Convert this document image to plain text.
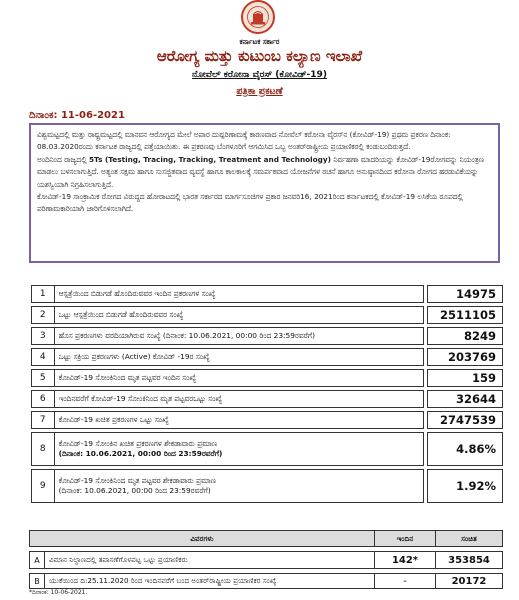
ಕರ್ನಾಟಕ ಸರ್ಕಾರ
ಆರೋಗ್ಯ ಮತ್ತು ಕುಟುಂಬ ಕಲ್ಯಾಣ ಇಲಾಖೆ
ನೋವೆಲ್ ಕರೋನಾ ವೈರಸ್ (ಕೋವಿಡ್-19)
ಪತ್ರಿಕಾ ಪ್ರಕಟಣೆ
ದಿನಾಂಕ: 11-06-2021

ವಿಶ್ವಮಟ್ಟದಲ್ಲಿ ಮತ್ತು ರಾಷ್ಟ್ರಮಟ್ಟದಲ್ಲಿ ಮಾನವನ ಆರೋಗ್ಯದ ಮೇಲೆ ಅಪಾರ ದುಷ್ಪರಿಣಾಮಕ್ಕೆ ಕಾರಣವಾದ ನೋವೆಲ್ ಕರೋನಾ ವೈರಸ್‌ನ (ಕೋವಿಡ್-19) ಪ್ರಥಮ ಪ್ರಕರಣ ದಿನಾಂಕ: 08.03.2020ರಂದು ಕರ್ನಾಟಕ ರಾಜ್ಯದಲ್ಲಿ ಪತ್ತೆಯಾಯಿತು. ಈ ಪ್ರಕರಣವು ಬೆಂಗಳೂರಿಗೆ ಆಗಮಿಸಿದ ಒಬ್ಬ ಅಂತರ್‌ರಾಷ್ಟ್ರೀಯ ಪ್ರಯಾಣಿಕರಲ್ಲಿ ಕಂಡುಬಂದಿರುತ್ತದೆ.

ಅಂದಿನಿಂದ ರಾಜ್ಯದಲ್ಲಿ 5Ts (Testing, Tracing, Tracking, Treatment and Technology) ನಿರ್ವಹಣಾ ಮಾದರಿಯನ್ನು ಕೋವಿಡ್-19ರೋಗವನ್ನು ನಿಯಂತ್ರಣ ಮಾಡಲು ಬಳಸಲಾಗುತ್ತಿದೆ. ಅತ್ಯಂತ ಸಕ್ಷಮ ಹಾಗೂ ಸುಸಜ್ಜಿತವಾದ ವ್ಯವಸ್ಥೆ ಹಾಗೂ ಕಾಲಕಾಲಕ್ಕೆ ಸಮರ್ಪಕವಾದ ಯೋಜನೆಗಳ ರಚನೆ ಹಾಗೂ ಅನುಷ್ಠಾನದಿಂದ ಕರೋನಾ ರೋಗದ ಹರಡುವಿಕೆಯನ್ನು ಯಶಸ್ವಿಯಾಗಿ ನಿಗ್ರಹಿಸಲಾಗುತ್ತಿದೆ.

ಕೋವಿಡ್-19 ಸಾಂಕ್ರಾಮಿಕ ರೋಗದ ವಿರುದ್ಧದ ಹೋರಾಟದಲ್ಲಿ ಭಾರತ ಸರ್ಕಾರದ ಮಾರ್ಗಸೂಚಿಗಳ ಪ್ರಕಾರ ಜನವರಿ16, 2021ರಿಂದ ಕರ್ನಾಟಕದಲ್ಲಿ ಕೋವಿಡ್-19 ಲಸಿಕೆಯ ರೂಪದಲ್ಲಿ ಪರಿಣಾಮಕಾರಿಯಾಗಿ ಜಾರಿಗೊಳಿಸಲಾಗಿದೆ.

1	ಆಸ್ಪತ್ರೆಯಿಂದ ಬಿಡುಗಡೆ ಹೊಂದಿರುವವರ ಇಂದಿನ ಪ್ರಕರಣಗಳ ಸಂಖ್ಯೆ		14975

2	ಒಟ್ಟು ಆಸ್ಪತ್ರೆಯಿಂದ ಬಿಡುಗಡೆ ಹೊಂದಿರುವವರ ಸಂಖ್ಯೆ		2511105

3	ಹೊಸ ಪ್ರಕರಣಗಳು ವರದಿಯಾಗಿರುವ ಸಂಖ್ಯೆ (ದಿನಾಂಕ: 10.06.2021, 00:00 ರಿಂದ 23:59ರವರೆಗೆ)		8249

4	ಒಟ್ಟು ಸಕ್ರಿಯ ಪ್ರಕರಣಗಳು (Active) ಕೋವಿಡ್ -19ರ ಸಂಖ್ಯೆ		203769

5	ಕೋವಿಡ್-19 ಸೋಂಕಿನಿಂದ ಮೃತ ಪಟ್ಟವರ ಇಂದಿನ ಸಂಖ್ಯೆ		159

6	ಇಂದಿನವರೆಗೆ ಕೋವಿಡ್-19 ಸೋಂಕಿನಿಂದ ಮೃತ ಪಟ್ಟವರಒಟ್ಟು ಸಂಖ್ಯೆ		32644

7	ಕೋವಿಡ್-19 ಖಚಿತ ಪ್ರಕರಣಗಳ ಒಟ್ಟು ಸಂಖ್ಯೆ		2747539

8	ಕೋವಿಡ್-19 ಸೋಂಕಿನ ಖಚಿತ ಪ್ರಕರಣಗಳ ಶೇಕಡಾವಾರು ಪ್ರಮಾಣ
(ದಿನಾಂಕ: 10.06.2021, 00:00 ರಿಂದ 23:59ರವರೆಗೆ)		4.86%

9	ಕೋವಿಡ್-19 ಸೋಂಕಿನಿಂದ ಮೃತ ಪಟ್ಟವರ ಶೇಕಡಾವಾರು ಪ್ರಮಾಣ
(ದಿನಾಂಕ: 10.06.2021, 00:00 ರಿಂದ 23:59ರವರೆಗೆ)		1.92%
ವಿವರಗಳು		ಇಂದಿನ	ಸಂಚಿತ

A	ವಿಮಾನ ನಿಲ್ದಾಣದಲ್ಲಿ ತಪಾಸಣೆಗೊಳಪಟ್ಟ ಒಟ್ಟು ಪ್ರಯಾಣಿಕರು	142*	353854

B	ಯುಕೆಯಿಂದ ದಿ:25.11.2020 ರಿಂದ ಇಂದಿನವರೆಗೆ ಬಂದ ಅಂತರ್‌ರಾಷ್ಟ್ರೀಯ ಪ್ರಯಾಣಿಕರ ಸಂಖ್ಯೆ	-	20172
*ದಿನಾಂಕ: 10-06-2021.
